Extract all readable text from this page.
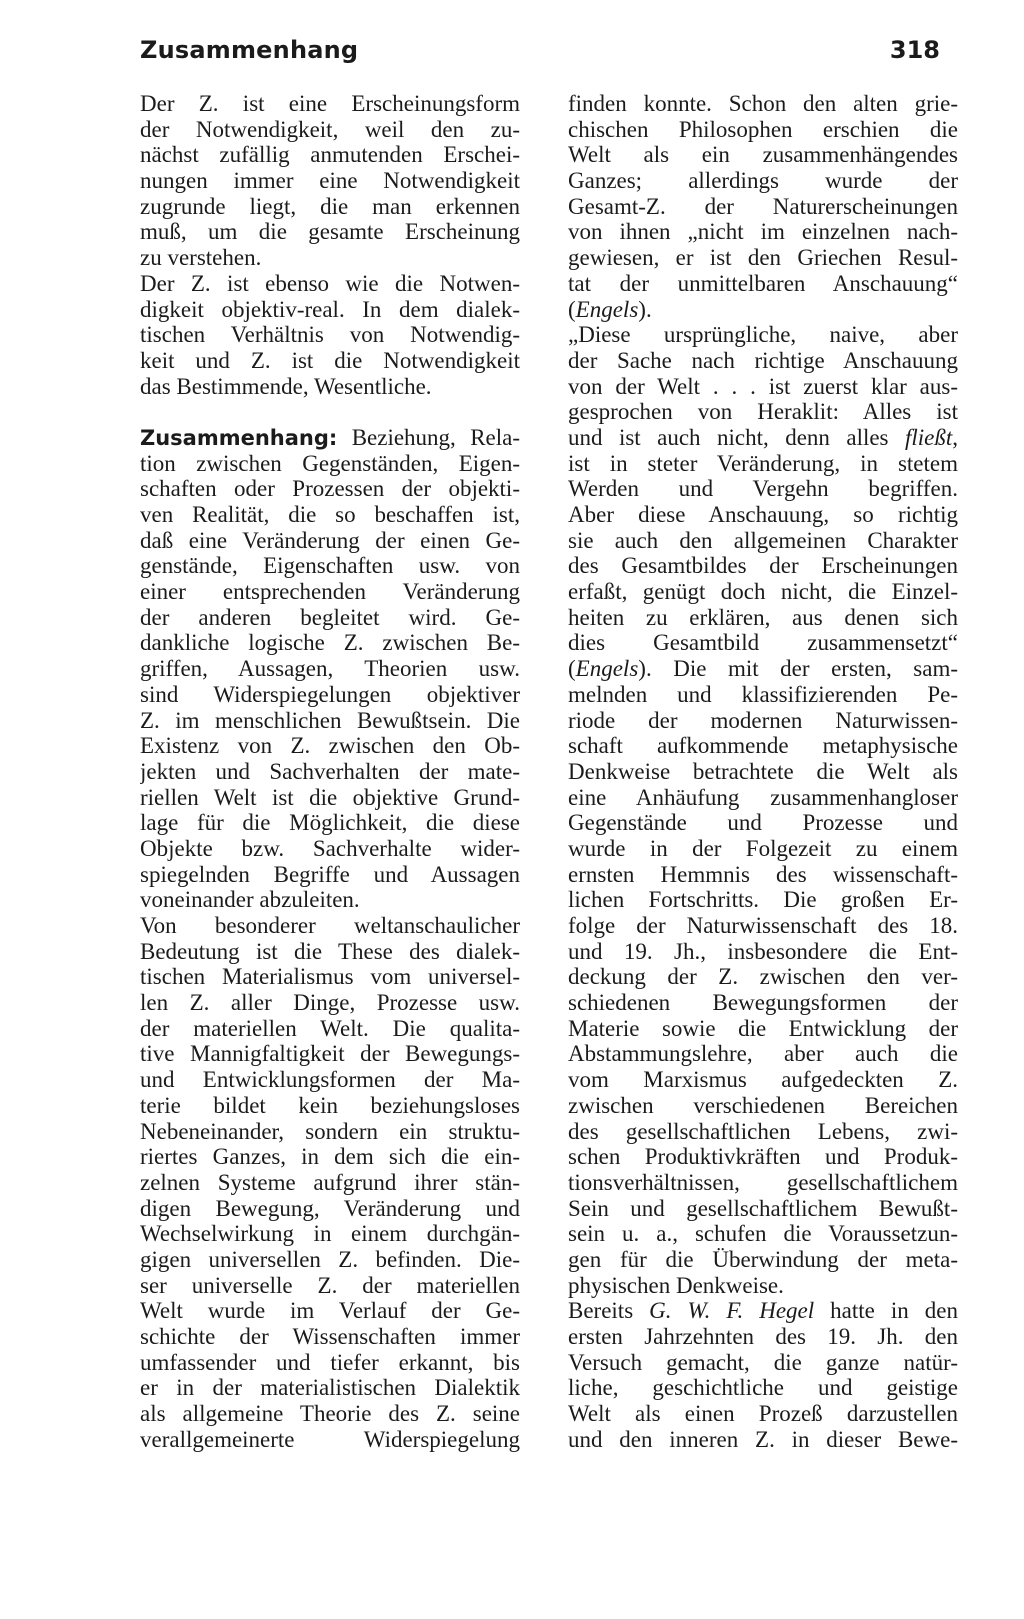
Zusammenhang	318
Der Z. ist eine Erscheinungsform
der Notwendigkeit, weil den zu-
nächst zufällig anmutenden Erschei-
nungen immer eine Notwendigkeit
zugrunde liegt, die man erkennen
muß, um die gesamte Erscheinung
zu verstehen.
Der Z. ist ebenso wie die Notwen-
digkeit objektiv-real. In dem dialek-
tischen Verhältnis von Notwendig-
keit und Z. ist die Notwendigkeit
das Bestimmende, Wesentliche.
Zusammenhang: Beziehung, Rela-
tion zwischen Gegenständen, Eigen-
schaften oder Prozessen der objekti-
ven Realität, die so beschaffen ist,
daß eine Veränderung der einen Ge-
genstände, Eigenschaften usw. von
einer entsprechenden Veränderung
der anderen begleitet wird. Ge-
dankliche logische Z. zwischen Be-
griffen, Aussagen, Theorien usw.
sind Widerspiegelungen objektiver
Z. im menschlichen Bewußtsein. Die
Existenz von Z. zwischen den Ob-
jekten und Sachverhalten der mate-
riellen Welt ist die objektive Grund-
lage für die Möglichkeit, die diese
Objekte bzw. Sachverhalte wider-
spiegelnden Begriffe und Aussagen
voneinander abzuleiten.
Von besonderer weltanschaulicher
Bedeutung ist die These des dialek-
tischen Materialismus vom universel-
len Z. aller Dinge, Prozesse usw.
der materiellen Welt. Die qualita-
tive Mannigfaltigkeit der Bewegungs-
und Entwicklungsformen der Ma-
terie bildet kein beziehungsloses
Nebeneinander, sondern ein struktu-
riertes Ganzes, in dem sich die ein-
zelnen Systeme aufgrund ihrer stän-
digen Bewegung, Veränderung und
Wechselwirkung in einem durchgän-
gigen universellen Z. befinden. Die-
ser universelle Z. der materiellen
Welt wurde im Verlauf der Ge-
schichte der Wissenschaften immer
umfassender und tiefer erkannt, bis
er in der materialistischen Dialektik
als allgemeine Theorie des Z. seine
verallgemeinerte Widerspiegelung
finden konnte. Schon den alten grie-
chischen Philosophen erschien die
Welt als ein zusammenhängendes
Ganzes; allerdings wurde der
Gesamt-Z. der Naturerscheinungen
von ihnen „nicht im einzelnen nach-
gewiesen, er ist den Griechen Resul-
tat der unmittelbaren Anschauung“
(Engels).
„Diese ursprüngliche, naive, aber
der Sache nach richtige Anschauung
von der Welt . . . ist zuerst klar aus-
gesprochen von Heraklit: Alles ist
und ist auch nicht, denn alles fließt,
ist in steter Veränderung, in stetem
Werden und Vergehn begriffen.
Aber diese Anschauung, so richtig
sie auch den allgemeinen Charakter
des Gesamtbildes der Erscheinungen
erfaßt, genügt doch nicht, die Einzel-
heiten zu erklären, aus denen sich
dies Gesamtbild zusammensetzt“
(Engels). Die mit der ersten, sam-
melnden und klassifizierenden Pe-
riode der modernen Naturwissen-
schaft aufkommende metaphysische
Denkweise betrachtete die Welt als
eine Anhäufung zusammenhangloser
Gegenstände und Prozesse und
wurde in der Folgezeit zu einem
ernsten Hemmnis des wissenschaft-
lichen Fortschritts. Die großen Er-
folge der Naturwissenschaft des 18.
und 19. Jh., insbesondere die Ent-
deckung der Z. zwischen den ver-
schiedenen Bewegungsformen der
Materie sowie die Entwicklung der
Abstammungslehre, aber auch die
vom Marxismus aufgedeckten Z.
zwischen verschiedenen Bereichen
des gesellschaftlichen Lebens, zwi-
schen Produktivkräften und Produk-
tionsverhältnissen, gesellschaftlichem
Sein und gesellschaftlichem Bewußt-
sein u. a., schufen die Voraussetzun-
gen für die Überwindung der meta-
physischen Denkweise.
Bereits G. W. F. Hegel hatte in den
ersten Jahrzehnten des 19. Jh. den
Versuch gemacht, die ganze natür-
liche, geschichtliche und geistige
Welt als einen Prozeß darzustellen
und den inneren Z. in dieser Bewe-
